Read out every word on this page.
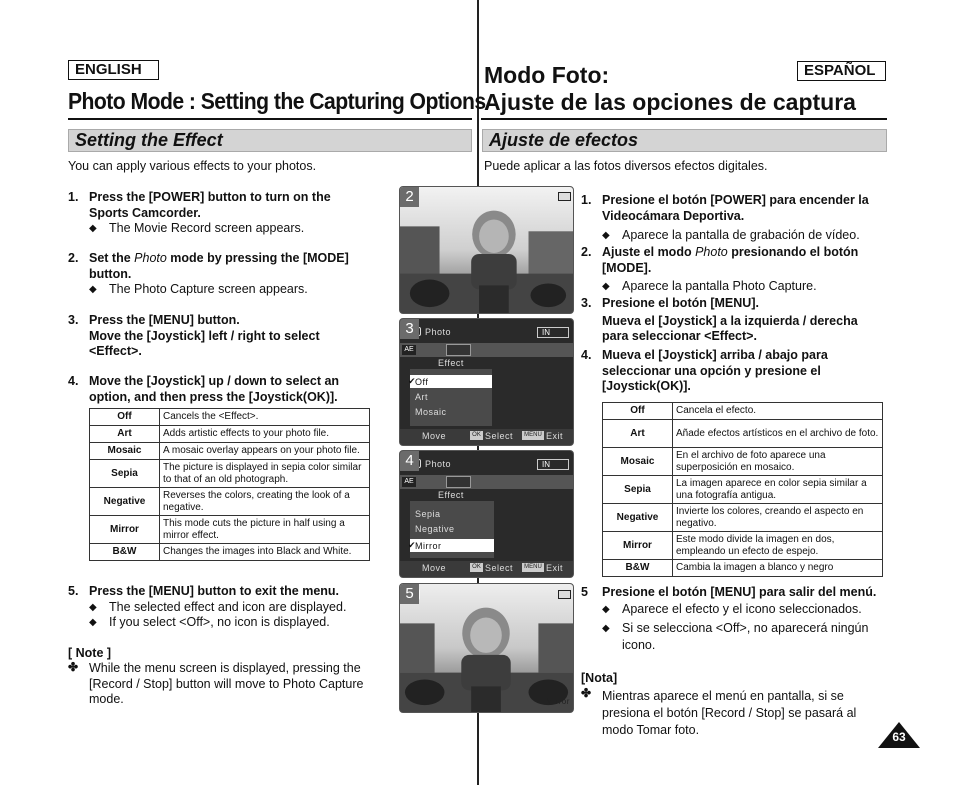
ENGLISH
Photo Mode : Setting the Capturing Options
Setting the Effect
You can apply various effects to your photos.
1. Press the [POWER] button to turn on the Sports Camcorder.
◆ The Movie Record screen appears.
2. Set the Photo mode by pressing the [MODE] button.
◆ The Photo Capture screen appears.
3. Press the [MENU] button.
Move the [Joystick] left / right to select <Effect>.
4. Move the [Joystick] up / down to select an option, and then press the [Joystick(OK)].
Off	Cancels the <Effect>.
Art	Adds artistic effects to your photo file.
Mosaic	A mosaic overlay appears on your photo file.
Sepia	The picture is displayed in sepia color similar to that of an old photograph.
Negative	Reverses the colors, creating the look of a negative.
Mirror	This mode cuts the picture in half using a mirror effect.
B&W	Changes the images into Black and White.
5. Press the [MENU] button to exit the menu.
◆ The selected effect and icon are displayed.
◆ If you select <Off>, no icon is displayed.
[ Note ]
✤ While the menu screen is displayed, pressing the [Record / Stop] button will move to Photo Capture mode.
Modo Foto:	ESPAÑOL
Ajuste de las opciones de captura
Ajuste de efectos
Puede aplicar a las fotos diversos efectos digitales.
1. Presione el botón [POWER] para encender la Videocámara Deportiva.
◆ Aparece la pantalla de grabación de vídeo.
2. Ajuste el modo Photo presionando el botón [MODE].
◆ Aparece la pantalla Photo Capture.
3. Presione el botón [MENU].
Mueva el [Joystick] a la izquierda / derecha para seleccionar <Effect>.
4. Mueva el [Joystick] arriba / abajo para seleccionar una opción y presione el [Joystick(OK)].
Off	Cancela el efecto.
Art	Añade efectos artísticos en el archivo de foto.
Mosaic	En el archivo de foto aparece una superposición en mosaico.
Sepia	La imagen aparece en color sepia similar a una fotografía antigua.
Negative	Invierte los colores, creando el aspecto en negativo.
Mirror	Este modo divide la imagen en dos, empleando un efecto de espejo.
B&W	Cambia la imagen a blanco y negro
5 Presione el botón [MENU] para salir del menú.
◆ Aparece el efecto y el icono seleccionados.
◆ Si se selecciona <Off>, no aparecerá ningún icono.
[Nota]
✤ Mientras aparece el menú en pantalla, si se presiona el botón [Record / Stop] se pasará al modo Tomar foto.
2
3	Photo	IN
AE
Effect
✔
Off
Art
Mosaic
Move	OK Select	MENU Exit
4	Photo	IN
AE
Effect
Sepia
Negative
✔
Mirror
Move	OK Select	MENU Exit
5
Mirror
63
